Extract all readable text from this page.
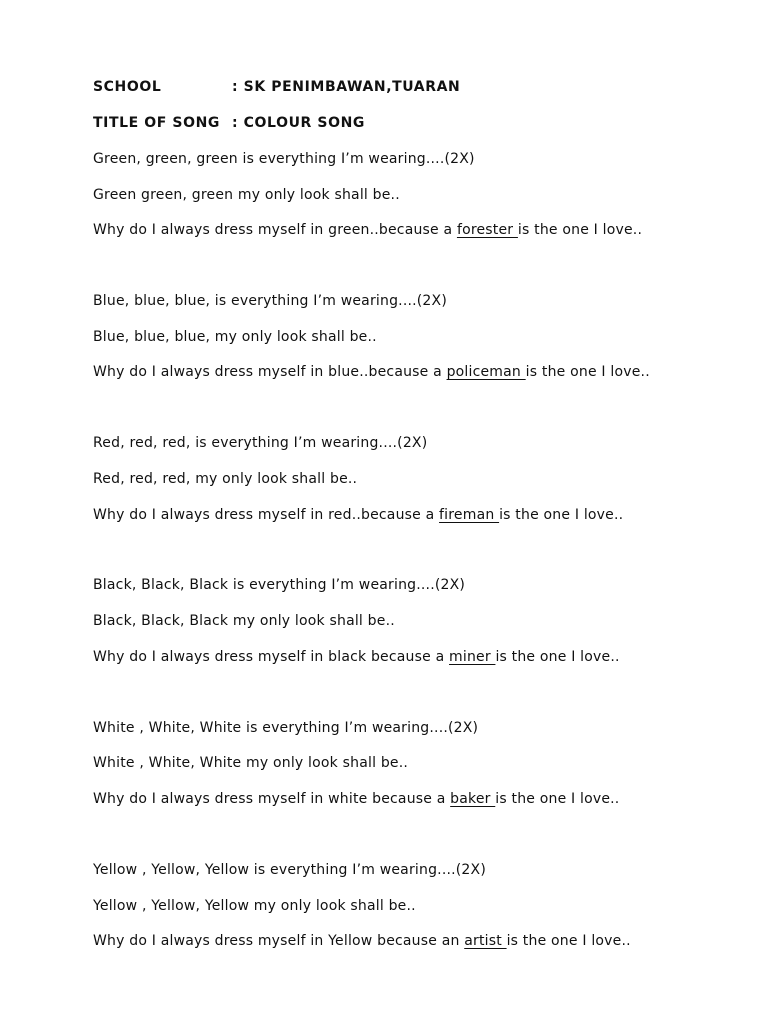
SCHOOL	: SK PENIMBAWAN,TUARAN
TITLE OF SONG : COLOUR SONG
Green, green, green is everything I’m wearing....(2X)
Green green, green my only look shall be..
Why do I always dress myself in green..because a forester is the one I love..
Blue, blue, blue, is everything I’m wearing....(2X)
Blue, blue, blue, my only look shall be..
Why do I always dress myself in blue..because a policeman is the one I love..
Red, red, red, is everything I’m wearing....(2X)
Red, red, red, my only look shall be..
Why do I always dress myself in red..because a fireman is the one I love..
Black, Black, Black is everything I’m wearing....(2X)
Black, Black, Black my only look shall be..
Why do I always dress myself in black because a miner is the one I love..
White , White, White is everything I’m wearing....(2X)
White , White, White my only look shall be..
Why do I always dress myself in white because a baker is the one I love..
Yellow , Yellow, Yellow is everything I’m wearing....(2X)
Yellow , Yellow, Yellow my only look shall be..
Why do I always dress myself in Yellow because an artist is the one I love..
